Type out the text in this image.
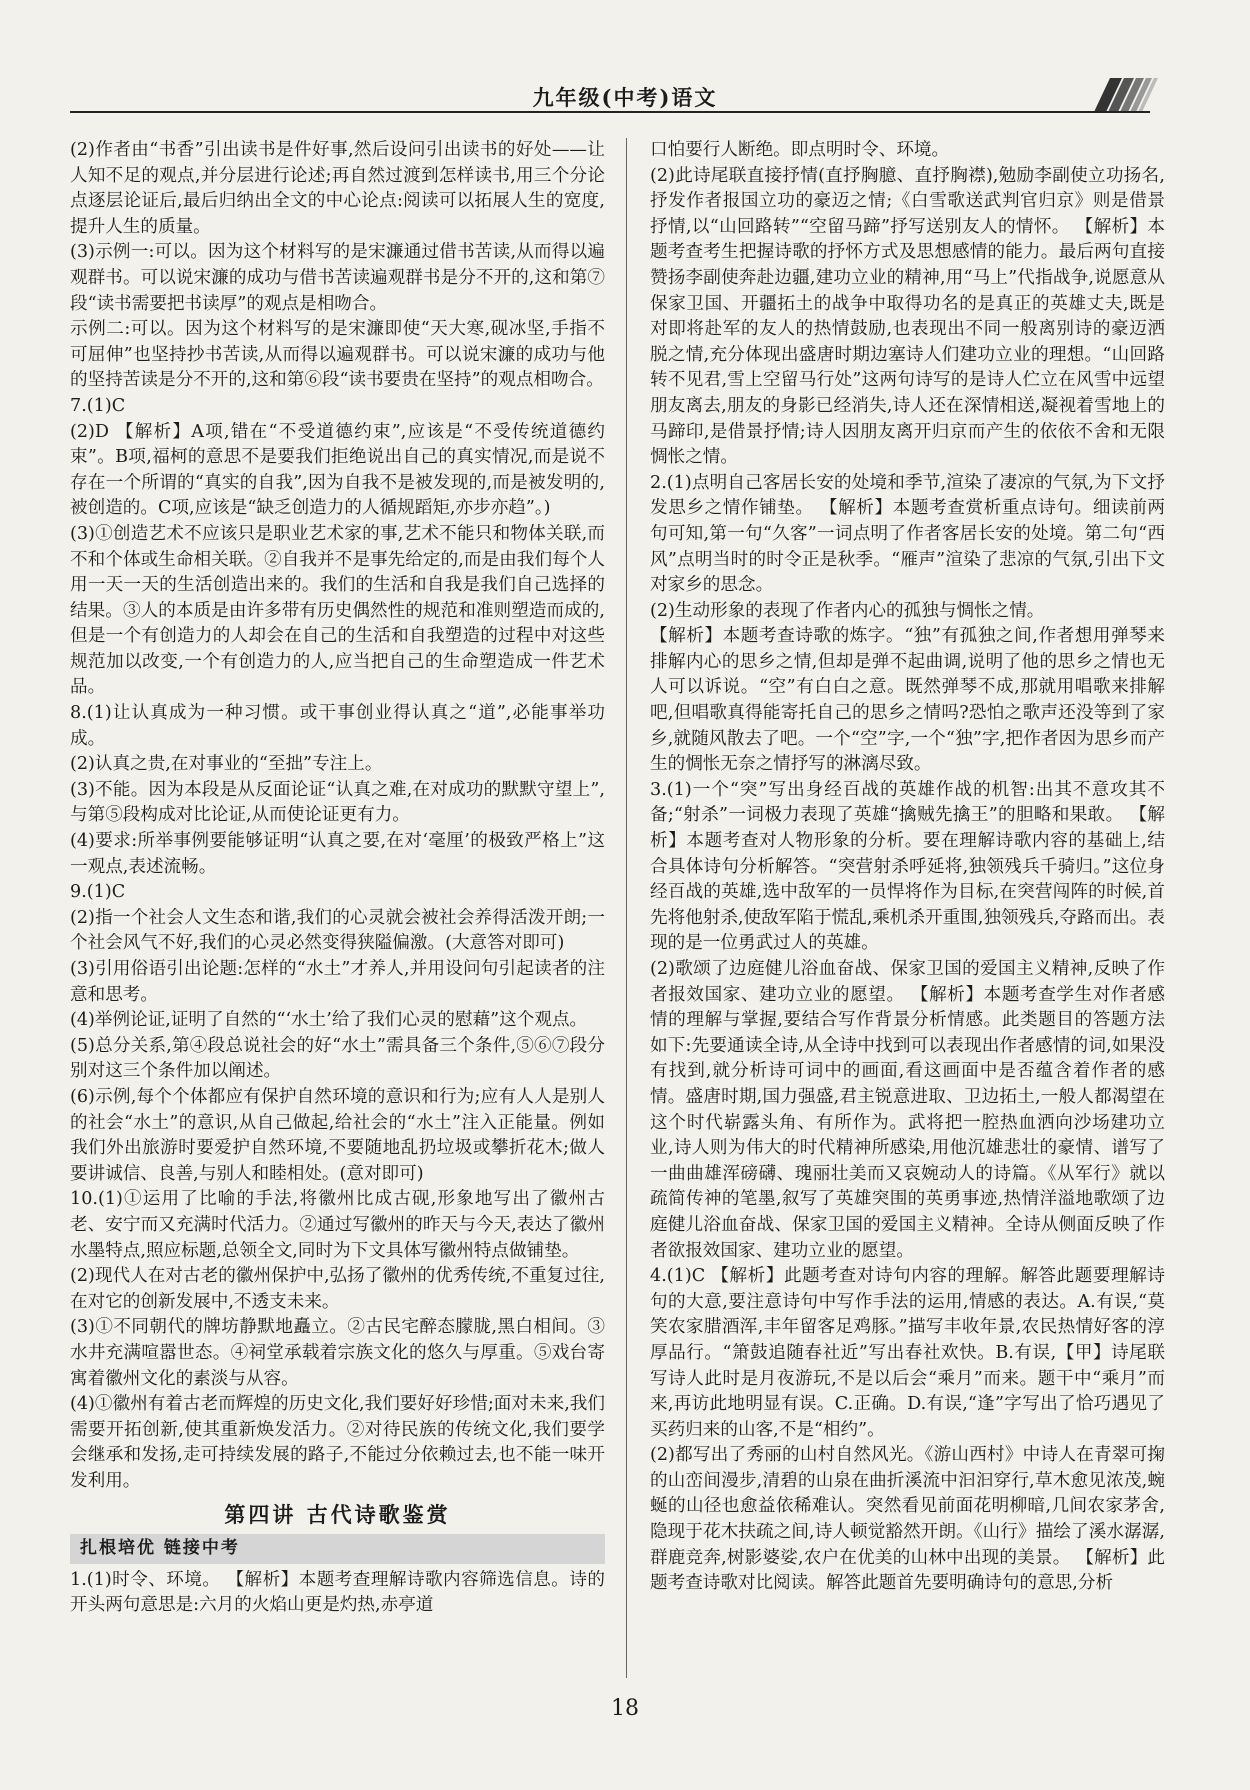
九年级(中考)语文

(2)作者由“书香”引出读书是件好事,然后设问引出读书的好处——让人知不足的观点,并分层进行论述;再自然过渡到怎样读书,用三个分论点逐层论证后,最后归纳出全文的中心论点:阅读可以拓展人生的宽度,提升人生的质量。

(3)示例一:可以。因为这个材料写的是宋濂通过借书苦读,从而得以遍观群书。可以说宋濂的成功与借书苦读遍观群书是分不开的,这和第⑦段“读书需要把书读厚”的观点是相吻合。

示例二:可以。因为这个材料写的是宋濂即使“天大寒,砚冰坚,手指不可屈伸”也坚持抄书苦读,从而得以遍观群书。可以说宋濂的成功与他的坚持苦读是分不开的,这和第⑥段“读书要贵在坚持”的观点相吻合。

7.(1)C

(2)D 【解析】A项,错在“不受道德约束”,应该是“不受传统道德约束”。B项,福柯的意思不是要我们拒绝说出自己的真实情况,而是说不存在一个所谓的“真实的自我”,因为自我不是被发现的,而是被发明的,被创造的。C项,应该是“缺乏创造力的人循规蹈矩,亦步亦趋”。)

(3)①创造艺术不应该只是职业艺术家的事,艺术不能只和物体关联,而不和个体或生命相关联。②自我并不是事先给定的,而是由我们每个人用一天一天的生活创造出来的。我们的生活和自我是我们自己选择的结果。③人的本质是由许多带有历史偶然性的规范和准则塑造而成的,但是一个有创造力的人却会在自己的生活和自我塑造的过程中对这些规范加以改变,一个有创造力的人,应当把自己的生命塑造成一件艺术品。

8.(1)让认真成为一种习惯。或干事创业得认真之“道”,必能事举功成。

(2)认真之贵,在对事业的“至拙”专注上。

(3)不能。因为本段是从反面论证“认真之难,在对成功的默默守望上”,与第⑤段构成对比论证,从而使论证更有力。

(4)要求:所举事例要能够证明“认真之要,在对‘毫厘’的极致严格上”这一观点,表述流畅。

9.(1)C

(2)指一个社会人文生态和谐,我们的心灵就会被社会养得活泼开朗;一个社会风气不好,我们的心灵必然变得狭隘偏激。(大意答对即可)

(3)引用俗语引出论题:怎样的“水土”才养人,并用设问句引起读者的注意和思考。

(4)举例论证,证明了自然的“‘水土’给了我们心灵的慰藉”这个观点。

(5)总分关系,第④段总说社会的好“水土”需具备三个条件,⑤⑥⑦段分别对这三个条件加以阐述。

(6)示例,每个个体都应有保护自然环境的意识和行为;应有人人是别人的社会“水土”的意识,从自己做起,给社会的“水土”注入正能量。例如我们外出旅游时要爱护自然环境,不要随地乱扔垃圾或攀折花木;做人要讲诚信、良善,与别人和睦相处。(意对即可)

10.(1)①运用了比喻的手法,将徽州比成古砚,形象地写出了徽州古老、安宁而又充满时代活力。②通过写徽州的昨天与今天,表达了徽州水墨特点,照应标题,总领全文,同时为下文具体写徽州特点做铺垫。

(2)现代人在对古老的徽州保护中,弘扬了徽州的优秀传统,不重复过往,在对它的创新发展中,不透支未来。

(3)①不同朝代的牌坊静默地矗立。②古民宅醉态朦胧,黑白相间。③水井充满喧嚣世态。④祠堂承载着宗族文化的悠久与厚重。⑤戏台寄寓着徽州文化的素淡与从容。

(4)①徽州有着古老而辉煌的历史文化,我们要好好珍惜;面对未来,我们需要开拓创新,使其重新焕发活力。②对待民族的传统文化,我们要学会继承和发扬,走可持续发展的路子,不能过分依赖过去,也不能一味开发利用。

第四讲 古代诗歌鉴赏
扎根培优 链接中考

1.(1)时令、环境。 【解析】本题考查理解诗歌内容筛选信息。诗的开头两句意思是:六月的火焰山更是灼热,赤亭道

口怕要行人断绝。即点明时令、环境。

(2)此诗尾联直接抒情(直抒胸臆、直抒胸襟),勉励李副使立功扬名,抒发作者报国立功的豪迈之情;《白雪歌送武判官归京》则是借景抒情,以“山回路转”“空留马蹄”抒写送别友人的情怀。 【解析】本题考查考生把握诗歌的抒怀方式及思想感情的能力。最后两句直接赞扬李副使奔赴边疆,建功立业的精神,用“马上”代指战争,说愿意从保家卫国、开疆拓土的战争中取得功名的是真正的英雄丈夫,既是对即将赴军的友人的热情鼓励,也表现出不同一般离别诗的豪迈洒脱之情,充分体现出盛唐时期边塞诗人们建功立业的理想。“山回路转不见君,雪上空留马行处”这两句诗写的是诗人伫立在风雪中远望朋友离去,朋友的身影已经消失,诗人还在深情相送,凝视着雪地上的马蹄印,是借景抒情;诗人因朋友离开归京而产生的依依不舍和无限惆怅之情。

2.(1)点明自己客居长安的处境和季节,渲染了凄凉的气氛,为下文抒发思乡之情作铺垫。 【解析】本题考查赏析重点诗句。细读前两句可知,第一句“久客”一词点明了作者客居长安的处境。第二句“西风”点明当时的时令正是秋季。“雁声”渲染了悲凉的气氛,引出下文对家乡的思念。

(2)生动形象的表现了作者内心的孤独与惆怅之情。

【解析】本题考查诗歌的炼字。“独”有孤独之间,作者想用弹琴来排解内心的思乡之情,但却是弹不起曲调,说明了他的思乡之情也无人可以诉说。“空”有白白之意。既然弹琴不成,那就用唱歌来排解吧,但唱歌真得能寄托自己的思乡之情吗?恐怕之歌声还没等到了家乡,就随风散去了吧。一个“空”字,一个“独”字,把作者因为思乡而产生的惆怅无奈之情抒写的淋漓尽致。

3.(1)一个“突”写出身经百战的英雄作战的机智:出其不意攻其不备;“射杀”一词极力表现了英雄“擒贼先擒王”的胆略和果敢。 【解析】本题考查对人物形象的分析。要在理解诗歌内容的基础上,结合具体诗句分析解答。“突营射杀呼延将,独领残兵千骑归。”这位身经百战的英雄,选中敌军的一员悍将作为目标,在突营闯阵的时候,首先将他射杀,使敌军陷于慌乱,乘机杀开重围,独领残兵,夺路而出。表现的是一位勇武过人的英雄。

(2)歌颂了边庭健儿浴血奋战、保家卫国的爱国主义精神,反映了作者报效国家、建功立业的愿望。 【解析】本题考查学生对作者感情的理解与掌握,要结合写作背景分析情感。此类题目的答题方法如下:先要通读全诗,从全诗中找到可以表现出作者感情的词,如果没有找到,就分析诗可词中的画面,看这画面中是否蕴含着作者的感情。盛唐时期,国力强盛,君主锐意进取、卫边拓土,一般人都渴望在这个时代崭露头角、有所作为。武将把一腔热血洒向沙场建功立业,诗人则为伟大的时代精神所感染,用他沉雄悲壮的豪情、谱写了一曲曲雄浑磅礴、瑰丽壮美而又哀婉动人的诗篇。《从军行》就以疏简传神的笔墨,叙写了英雄突围的英勇事迹,热情洋溢地歌颂了边庭健儿浴血奋战、保家卫国的爱国主义精神。全诗从侧面反映了作者欲报效国家、建功立业的愿望。

4.(1)C 【解析】此题考查对诗句内容的理解。解答此题要理解诗句的大意,要注意诗句中写作手法的运用,情感的表达。A.有误,“莫笑农家腊酒浑,丰年留客足鸡豚。”描写丰收年景,农民热情好客的淳厚品行。“箫鼓追随春社近”写出春社欢快。B.有误,【甲】诗尾联写诗人此时是月夜游玩,不是以后会“乘月”而来。题干中“乘月”而来,再访此地明显有误。C.正确。D.有误,“逢”字写出了恰巧遇见了买药归来的山客,不是“相约”。

(2)都写出了秀丽的山村自然风光。《游山西村》中诗人在青翠可掬的山峦间漫步,清碧的山泉在曲折溪流中汩汩穿行,草木愈见浓茂,蜿蜒的山径也愈益依稀难认。突然看见前面花明柳暗,几间农家茅舍,隐现于花木扶疏之间,诗人顿觉豁然开朗。《山行》描绘了溪水潺潺,群鹿竞奔,树影婆娑,农户在优美的山林中出现的美景。 【解析】此题考查诗歌对比阅读。解答此题首先要明确诗句的意思,分析

18
